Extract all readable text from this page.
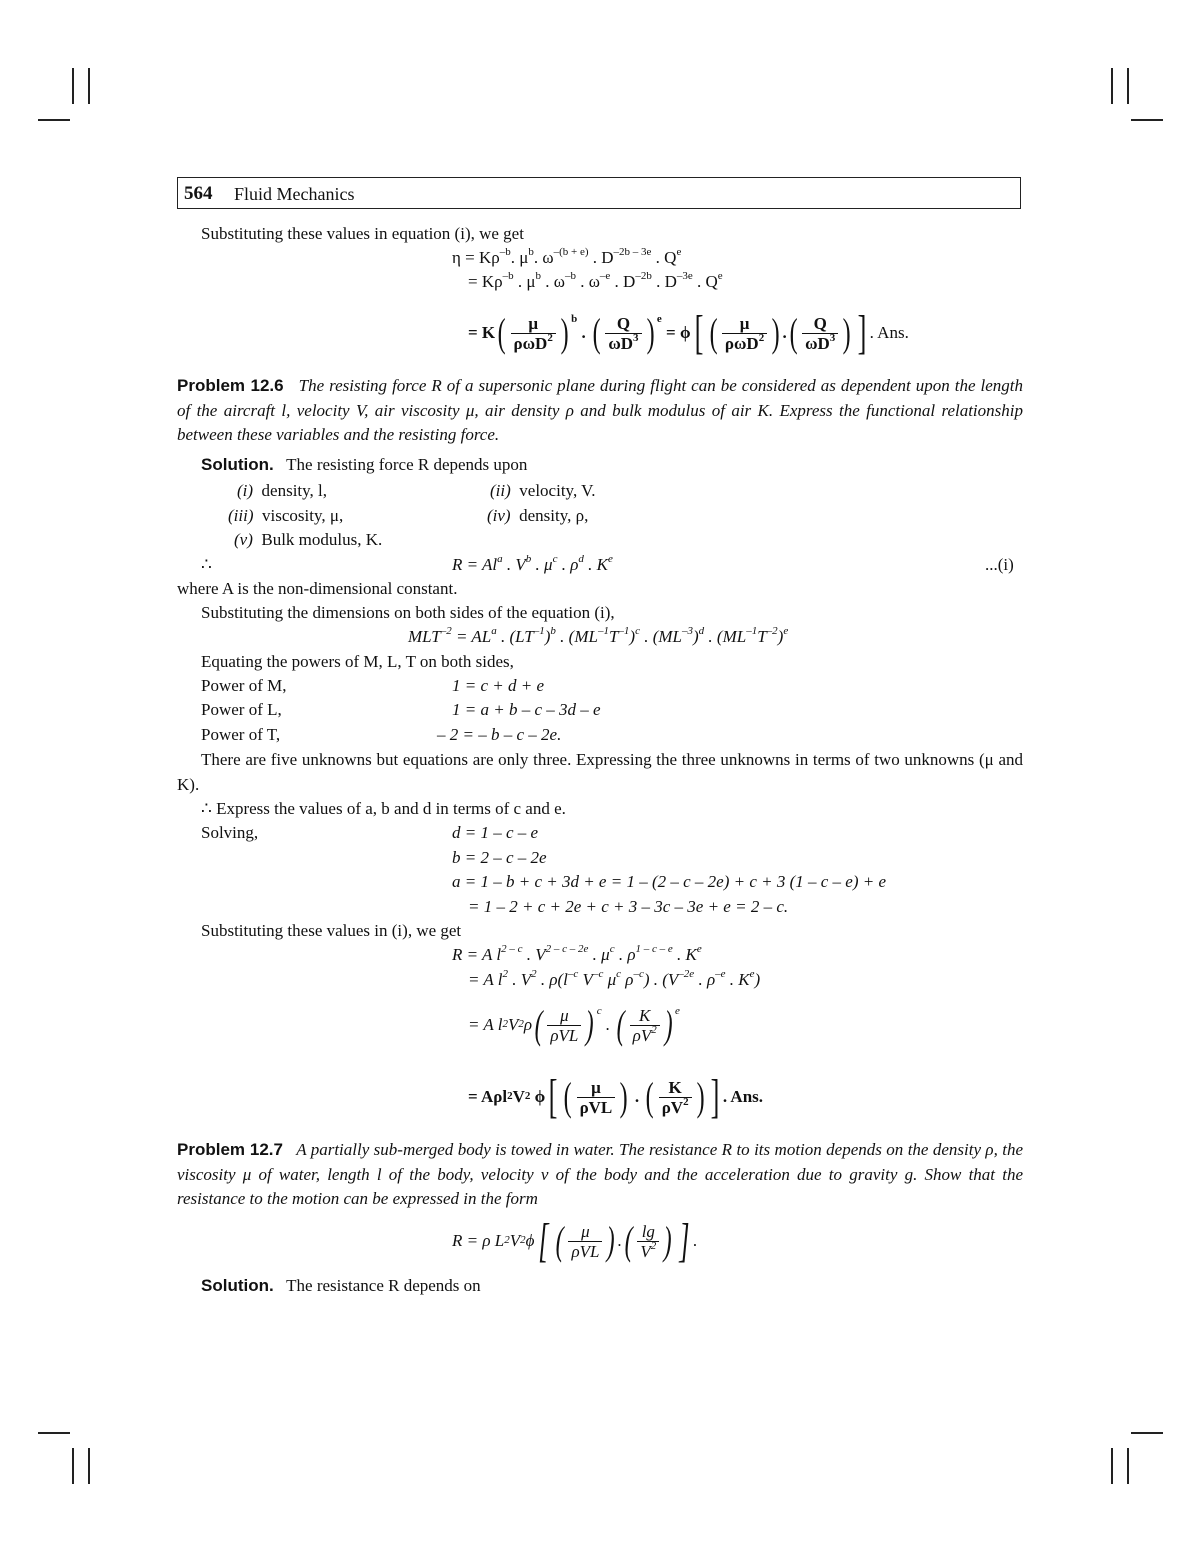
564 Fluid Mechanics
Substituting these values in equation (i), we get
$\eta = K\rho^{-b}$. $\mu^b$. $\omega^{-(b + e)}$ . $D^{-2b - 3e}$ . $Q^e$
= $K\rho^{-b}$ . $\mu^b$ . $\omega^{-b}$ . $\omega^{-e}$ . $D^{-2b}$ . $D^{-3e}$ . $Q^e$
= K ( $\frac{\mu}{\rho\omega D^2} )^b$
. ( $\frac{Q}{\omega D^3} )^e$

= ϕ [ ( $\frac{\mu}{\rho\omega D^2}$ ) . ( $\frac{Q}{\omega D^3}$ ) ] . Ans.
Problem 12.6 The resisting force R of a supersonic plane during flight can be considered as dependent upon the length of the aircraft l, velocity V, air viscosity μ, air density ρ and bulk modulus of air K. Express the functional relationship between these variables and the resisting force.
Solution. The resisting force R depends upon
(i) density, l,	(ii) velocity, V.
(iii) viscosity, μ,	(iv) density, ρ,
(v) Bulk modulus, K.
∴	$R = Al^a$ . $V^b$ . $\mu^c$ . $\rho^d$ . $K^e$	...(i)
where A is the non-dimensional constant.
Substituting the dimensions on both sides of the equation (i),
$MLT^{-2} = AL^a$ . $(LT^{-1})^b$ . $(ML^{-1}T^{-1})^c$ . $(ML^{-3})^d$ . $(ML^{-1}T^{-2})^e$
Equating the powers of M, L, T on both sides,
Power of M,	1 = c + d + e
Power of L,	1 = a + b – c – 3d – e
Power of T,	– 2 = – b – c – 2e.
There are five unknowns but equations are only three. Expressing the three unknowns in terms of two unknowns (μ and K).
∴ Express the values of a, b and d in terms of c and e.
Solving,	d = 1 – c – e
b = 2 – c – 2e
a = 1 – b + c + 3d + e = 1 – (2 – c – 2e) + c + 3 (1 – c – e) + e
= 1 – 2 + c + 2e + c + 3 – 3c – 3e + e = 2 – c.
Substituting these values in (i), we get
R = A $l^{2 - c}$ . $V^{2 - c - 2e}$ . $\mu^c$ . $\rho^{1 - c - e}$ . $K^e$
= A $l^2$ . $V^2$ . $\rho(l^{-c}$ $V^{-c}$ $\mu^c$ $\rho^{-c}$) . ($V^{-2e}$ . $\rho^{-e}$ . $K^e$)
= A $l^2$ $V^2$ ρ ( $\frac{\mu}{\text{ρVL}} )^c$
. ( $\frac{K}{\rho V^2} )^e$
= Aρl$^2$ $V^2$ ϕ [ ( $\frac{\mu}{\text{ρVL}}$ ) . ( $\frac{K}{\rho V^2}$ ) ] . Ans.
Problem 12.7 A partially sub-merged body is towed in water. The resistance R to its motion depends on the density ρ, the viscosity μ of water, length l of the body, velocity v of the body and the acceleration due to gravity g. Show that the resistance to the motion can be expressed in the form
R = ρ $L^2$ $V^2$ ϕ [ ( $\frac{\mu}{\text{ρVL}}$ ) . ( $\frac{\lg}{V^2}$ ) ] .
Solution. The resistance R depends on
